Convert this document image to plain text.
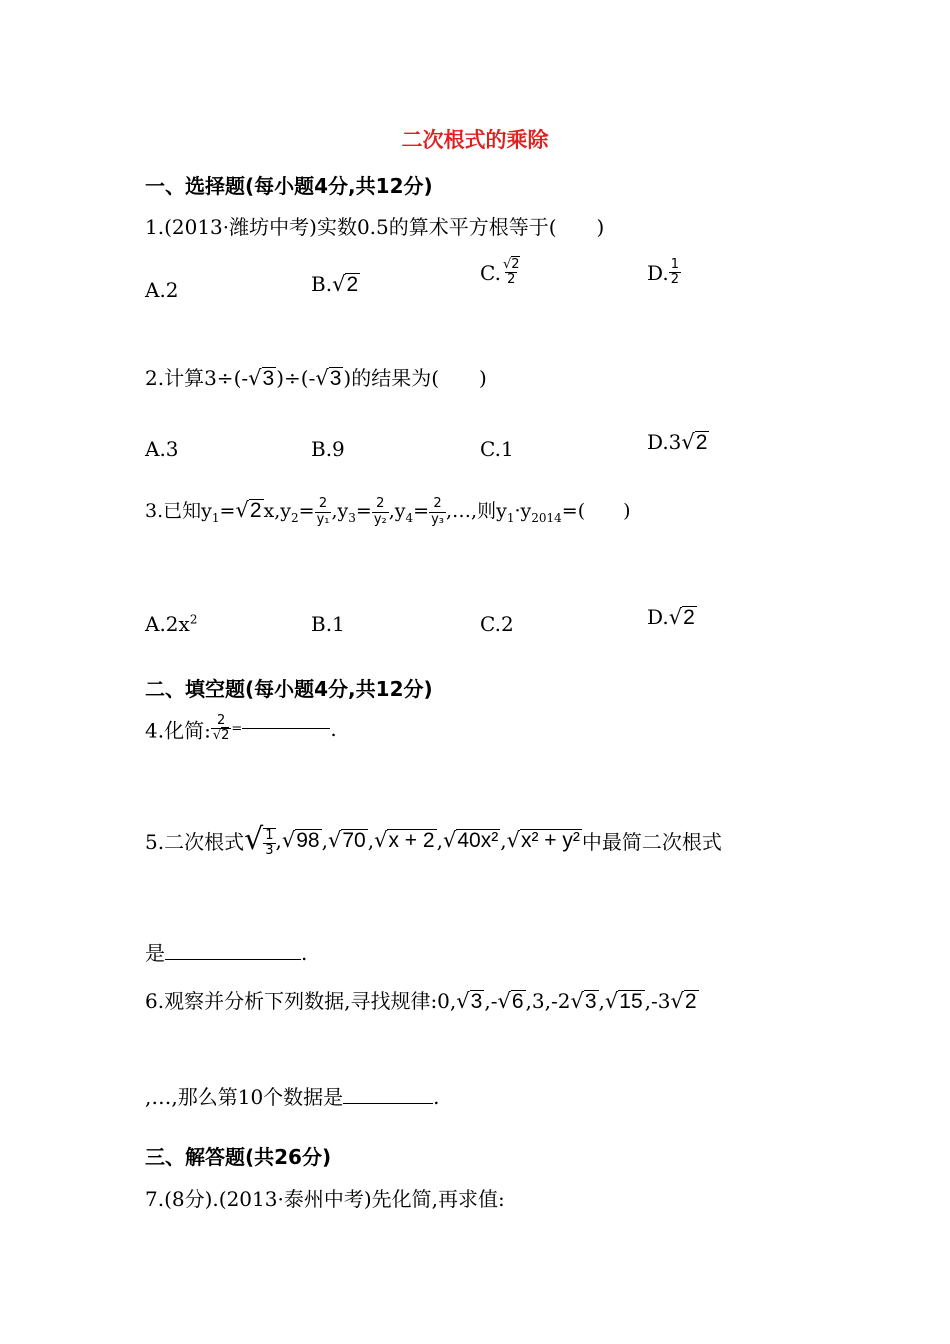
二次根式的乘除
一、选择题(每小题4分,共12分)
1.(2013·潍坊中考)实数0.5的算术平方根等于(　　)
A.2	B.√2	C. $\frac{√2}{2}$	D. $\frac{1}{2}$
2.计算3÷(-√3 )÷(-√3 )的结果为(　　)
A.3	B.9	C.1	D.3√2
3.已知$y_1=√2$ $x,y_2= \frac{2}{\text{y₁}} ,y_3= \frac{2}{\text{y₂}} ,y_4= \frac{2}{\text{y₃}}$ ,…,则$y_1\cdot y_{2014}=$(　　)
$A.2x^2$	B.1	C.2	D.√2
二、填空题(每小题4分,共12分)
4.化简: $\frac{2}{√2}$ =	.
5.二次根式√ $\frac{1}{3} ,√98$ ,√70 ,√x + 2 ,√40x² ,√x² + y² 中最简二次根式
是	.
6.观察并分析下列数据,寻找规律:0,√3 ,-√6 ,3,-2√3 ,√15 ,-3√2
,…,那么第10个数据是	.
三、解答题(共26分)
7.(8分).(2013·泰州中考)先化简,再求值:
